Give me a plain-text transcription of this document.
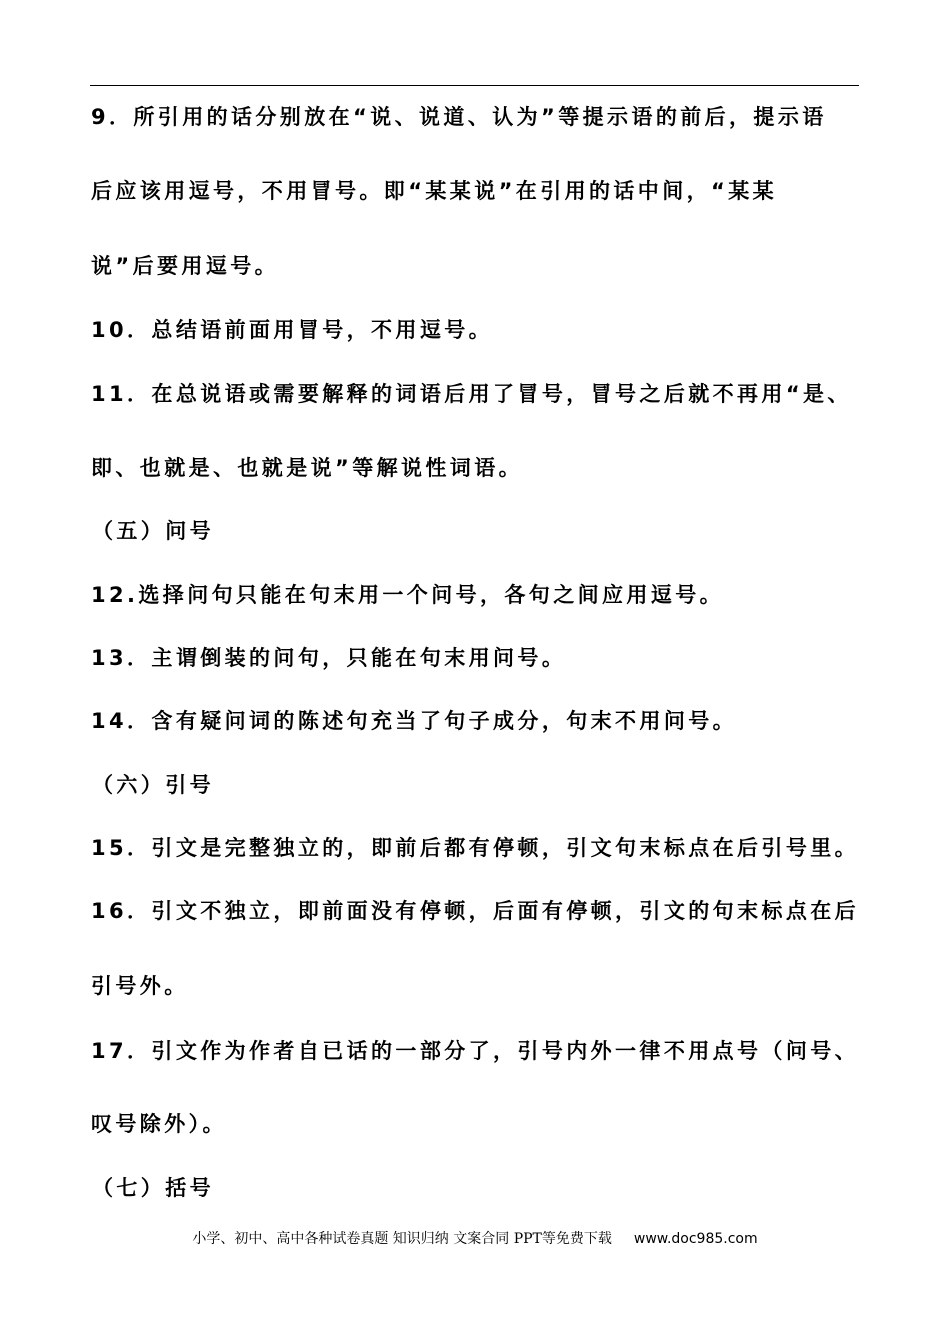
9．所引用的话分别放在“说、说道、认为”等提示语的前后，提示语
后应该用逗号，不用冒号。即“某某说”在引用的话中间，“某某
说”后要用逗号。
10．总结语前面用冒号，不用逗号。
11．在总说语或需要解释的词语后用了冒号，冒号之后就不再用“是、
即、也就是、也就是说”等解说性词语。
（五）问号
12.选择问句只能在句末用一个问号，各句之间应用逗号。
13．主谓倒装的问句，只能在句末用问号。
14．含有疑问词的陈述句充当了句子成分，句末不用问号。
（六）引号
15．引文是完整独立的，即前后都有停顿，引文句末标点在后引号里。
16．引文不独立，即前面没有停顿，后面有停顿，引文的句末标点在后
引号外。
17．引文作为作者自已话的一部分了，引号内外一律不用点号（问号、
叹号除外）。
（七）括号
小学、初中、高中各种试卷真题 知识归纳 文案合同 PPT等免费下载 www.doc985.com
